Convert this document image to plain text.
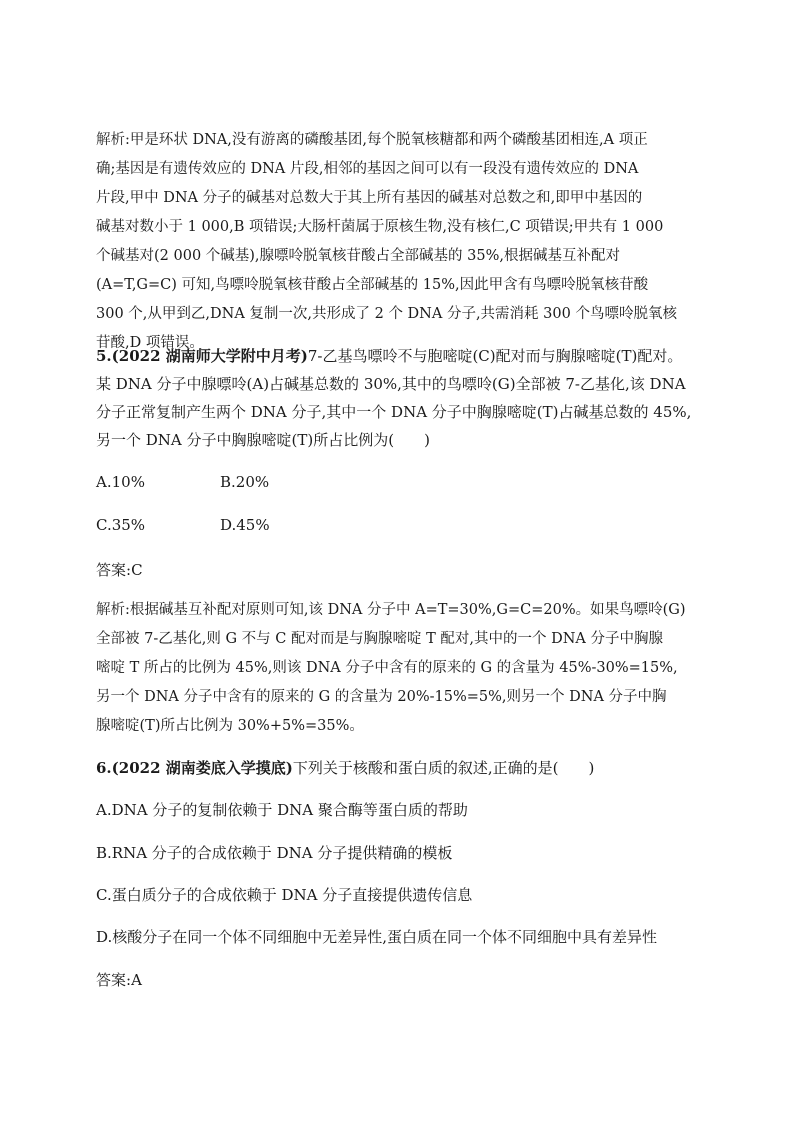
解析:甲是环状 DNA,没有游离的磷酸基团,每个脱氧核糖都和两个磷酸基团相连,A 项正
确;基因是有遗传效应的 DNA 片段,相邻的基因之间可以有一段没有遗传效应的 DNA
片段,甲中 DNA 分子的碱基对总数大于其上所有基因的碱基对总数之和,即甲中基因的
碱基对数小于 1 000,B 项错误;大肠杆菌属于原核生物,没有核仁,C 项错误;甲共有 1 000
个碱基对(2 000 个碱基),腺嘌呤脱氧核苷酸占全部碱基的 35%,根据碱基互补配对
(A=T,G=C) 可知,鸟嘌呤脱氧核苷酸占全部碱基的 15%,因此甲含有鸟嘌呤脱氧核苷酸
300 个,从甲到乙,DNA 复制一次,共形成了 2 个 DNA 分子,共需消耗 300 个鸟嘌呤脱氧核
苷酸,D 项错误。
5.(2022 湖南师大学附中月考)7-乙基鸟嘌呤不与胞嘧啶(C)配对而与胸腺嘧啶(T)配对。
某 DNA 分子中腺嘌呤(A)占碱基总数的 30%,其中的鸟嘌呤(G)全部被 7-乙基化,该 DNA
分子正常复制产生两个 DNA 分子,其中一个 DNA 分子中胸腺嘧啶(T)占碱基总数的 45%,
另一个 DNA 分子中胸腺嘧啶(T)所占比例为(　　)
A.10%	B.20%
C.35%	D.45%
答案:C
解析:根据碱基互补配对原则可知,该 DNA 分子中 A=T=30%,G=C=20%。如果鸟嘌呤(G)
全部被 7-乙基化,则 G 不与 C 配对而是与胸腺嘧啶 T 配对,其中的一个 DNA 分子中胸腺
嘧啶 T 所占的比例为 45%,则该 DNA 分子中含有的原来的 G 的含量为 45%-30%=15%,
另一个 DNA 分子中含有的原来的 G 的含量为 20%-15%=5%,则另一个 DNA 分子中胸
腺嘧啶(T)所占比例为 30%+5%=35%。
6.(2022 湖南娄底入学摸底)下列关于核酸和蛋白质的叙述,正确的是(　　)
A.DNA 分子的复制依赖于 DNA 聚合酶等蛋白质的帮助
B.RNA 分子的合成依赖于 DNA 分子提供精确的模板
C.蛋白质分子的合成依赖于 DNA 分子直接提供遗传信息
D.核酸分子在同一个体不同细胞中无差异性,蛋白质在同一个体不同细胞中具有差异性
答案:A
